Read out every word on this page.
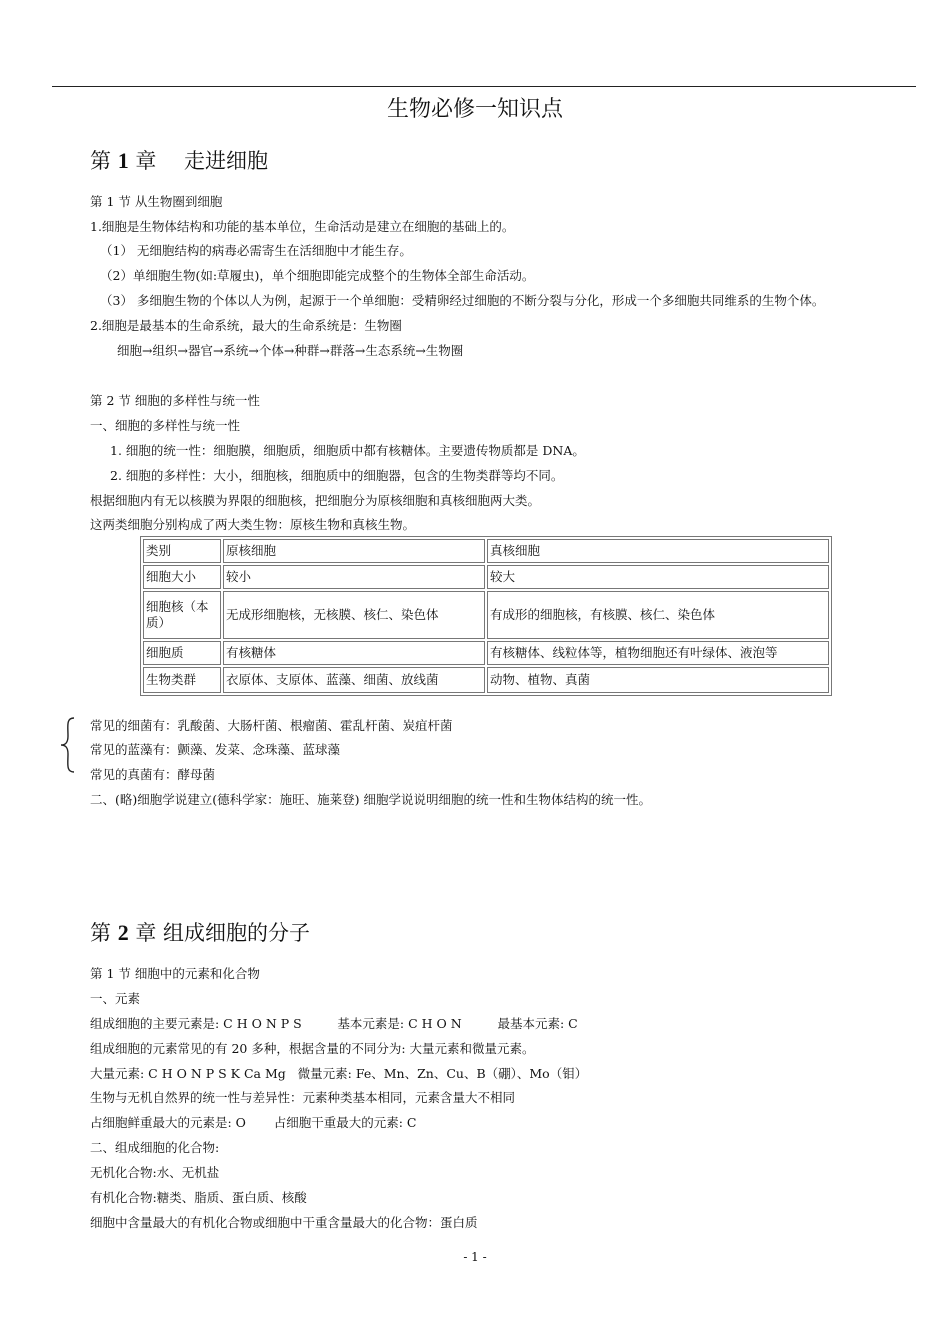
生物必修一知识点
第 1 章　 走进细胞
第 1 节 从生物圈到细胞
1.细胞是生物体结构和功能的基本单位，生命活动是建立在细胞的基础上的。
（1） 无细胞结构的病毒必需寄生在活细胞中才能生存。
（2）单细胞生物(如:草履虫)，单个细胞即能完成整个的生物体全部生命活动。
（3） 多细胞生物的个体以人为例，起源于一个单细胞：受精卵经过细胞的不断分裂与分化，形成一个多细胞共同维系的生物个体。
2.细胞是最基本的生命系统，最大的生命系统是：生物圈
细胞→组织→器官→系统→个体→种群→群落→生态系统→生物圈
第 2 节 细胞的多样性与统一性
一、细胞的多样性与统一性
1. 细胞的统一性：细胞膜，细胞质，细胞质中都有核糖体。主要遗传物质都是 DNA。
2. 细胞的多样性：大小，细胞核，细胞质中的细胞器，包含的生物类群等均不同。
根据细胞内有无以核膜为界限的细胞核，把细胞分为原核细胞和真核细胞两大类。
这两类细胞分别构成了两大类生物：原核生物和真核生物。
类别	原核细胞	真核细胞
细胞大小	较小	较大
细胞核（本质）	无成形细胞核，无核膜、核仁、染色体	有成形的细胞核，有核膜、核仁、染色体
细胞质	有核糖体	有核糖体、线粒体等，植物细胞还有叶绿体、液泡等
生物类群	衣原体、支原体、蓝藻、细菌、放线菌	动物、植物、真菌
常见的细菌有：乳酸菌、大肠杆菌、根瘤菌、霍乱杆菌、炭疽杆菌
常见的蓝藻有：颤藻、发菜、念珠藻、蓝球藻
常见的真菌有：酵母菌
二、(略)细胞学说建立(德科学家：施旺、施莱登) 细胞学说说明细胞的统一性和生物体结构的统一性。
第 2 章 组成细胞的分子
第 1 节 细胞中的元素和化合物
一、元素
组成细胞的主要元素是: C H O N P S         基本元素是: C H O N         最基本元素: C
组成细胞的元素常见的有 20 多种，根据含量的不同分为: 大量元素和微量元素。
大量元素: C H O N P S K Ca Mg   微量元素: Fe、Mn、Zn、Cu、B（硼）、Mo（钼）
生物与无机自然界的统一性与差异性：元素种类基本相同，元素含量大不相同
占细胞鲜重最大的元素是: O       占细胞干重最大的元素: C
二、组成细胞的化合物:
无机化合物:水、无机盐
有机化合物:糖类、脂质、蛋白质、核酸
细胞中含量最大的有机化合物或细胞中干重含量最大的化合物：蛋白质
- 1 -
